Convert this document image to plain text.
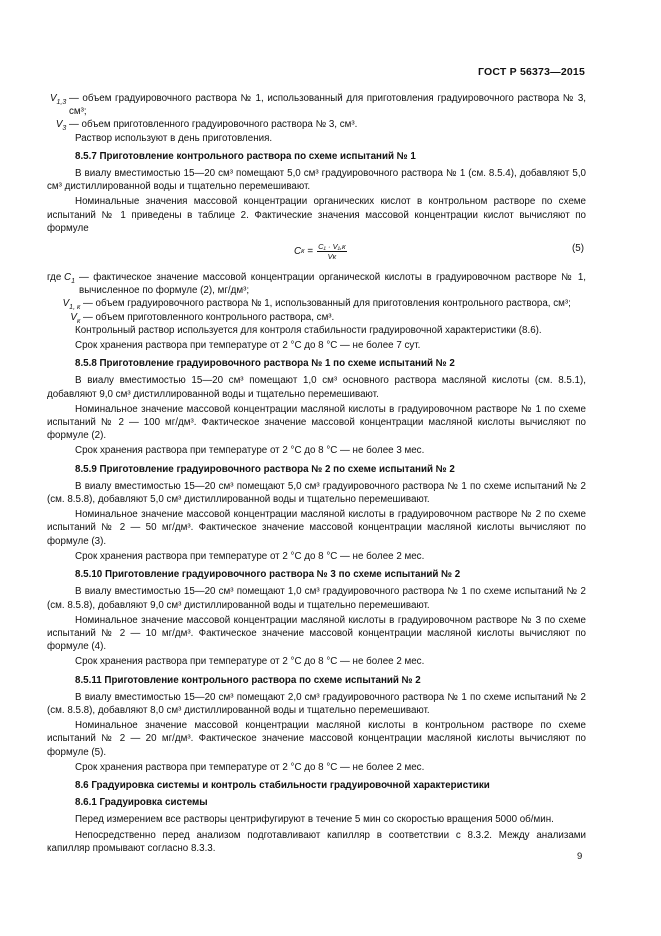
ГОСТ Р 56373—2015
$V_{1,3}$ — объем градуировочного раствора № 1, использованный для приготовления градуировочного раствора № 3, см³;
$V_3$ — объем приготовленного градуировочного раствора № 3, см³.

Раствор используют в день приготовления.

8.5.7 Приготовление контрольного раствора по схеме испытаний № 1

В виалу вместимостью 15—20 см³ помещают 5,0 см³ градуировочного раствора № 1 (см. 8.5.4), добавляют 5,0 см³ дистиллированной воды и тщательно перемешивают.

Номинальные значения массовой концентрации органических кислот в контрольном растворе по схеме испытаний № 1 приведены в таблице 2. Фактические значения массовой концентрации кислот вычисляют по формуле

C $к = \frac{\text{C₁ · V₁,к}}{Vк}$	(5)
где $C_1$ — фактическое значение массовой концентрации органической кислоты в градуировочном растворе № 1, вычисленное по формуле (2), мг/дм³;
$V_{1, к}$ — объем градуировочного раствора № 1, использованный для приготовления контрольного раствора, см³;
$V_к$ — объем приготовленного контрольного раствора, см³.

Контрольный раствор используется для контроля стабильности градуировочной характеристики (8.6).

Срок хранения раствора при температуре от 2 °С до 8 °С — не более 7 сут.

8.5.8 Приготовление градуировочного раствора № 1 по схеме испытаний № 2

В виалу вместимостью 15—20 см³ помещают 1,0 см³ основного раствора масляной кислоты (см. 8.5.1), добавляют 9,0 см³ дистиллированной воды и тщательно перемешивают.

Номинальное значение массовой концентрации масляной кислоты в градуировочном растворе № 1 по схеме испытаний № 2 — 100 мг/дм³. Фактическое значение массовой концентрации масляной кислоты вычисляют по формуле (2).

Срок хранения раствора при температуре от 2 °С до 8 °С — не более 3 мес.

8.5.9 Приготовление градуировочного раствора № 2 по схеме испытаний № 2

В виалу вместимостью 15—20 см³ помещают 5,0 см³ градуировочного раствора № 1 по схеме испытаний № 2 (см. 8.5.8), добавляют 5,0 см³ дистиллированной воды и тщательно перемешивают.

Номинальное значение массовой концентрации масляной кислоты в градуировочном растворе № 2 по схеме испытаний № 2 — 50 мг/дм³. Фактическое значение массовой концентрации масляной кислоты вычисляют по формуле (3).

Срок хранения раствора при температуре от 2 °С до 8 °С — не более 2 мес.

8.5.10 Приготовление градуировочного раствора № 3 по схеме испытаний № 2

В виалу вместимостью 15—20 см³ помещают 1,0 см³ градуировочного раствора № 1 по схеме испытаний № 2 (см. 8.5.8), добавляют 9,0 см³ дистиллированной воды и тщательно перемешивают.

Номинальное значение массовой концентрации масляной кислоты в градуировочном растворе № 3 по схеме испытаний № 2 — 10 мг/дм³. Фактическое значение массовой концентрации масляной кислоты вычисляют по формуле (4).

Срок хранения раствора при температуре от 2 °С до 8 °С — не более 2 мес.

8.5.11 Приготовление контрольного раствора по схеме испытаний № 2

В виалу вместимостью 15—20 см³ помещают 2,0 см³ градуировочного раствора № 1 по схеме испытаний № 2 (см. 8.5.8), добавляют 8,0 см³ дистиллированной воды и тщательно перемешивают.

Номинальное значение массовой концентрации масляной кислоты в контрольном растворе по схеме испытаний № 2 — 20 мг/дм³. Фактическое значение массовой концентрации масляной кислоты вычисляют по формуле (5).

Срок хранения раствора при температуре от 2 °С до 8 °С — не более 2 мес.

8.6 Градуировка системы и контроль стабильности градуировочной характеристики
8.6.1 Градуировка системы

Перед измерением все растворы центрифугируют в течение 5 мин со скоростью вращения 5000 об/мин.

Непосредственно перед анализом подготавливают капилляр в соответствии с 8.3.2. Между анализами капилляр промывают согласно 8.3.3.

9
